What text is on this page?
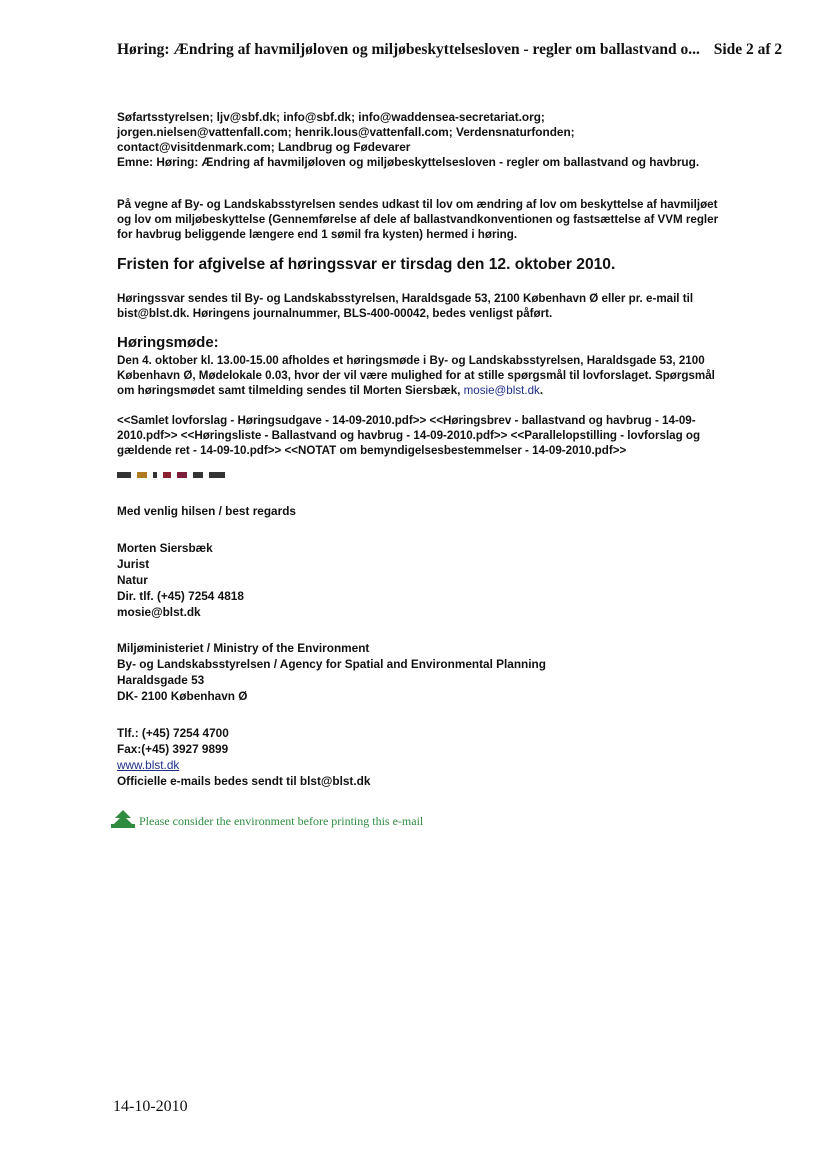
Høring: Ændring af havmiljøloven og miljøbeskyttelsesloven - regler om ballastvand o... Side 2 af 2
Søfartsstyrelsen; ljv@sbf.dk; info@sbf.dk; info@waddensea-secretariat.org; jorgen.nielsen@vattenfall.com; henrik.lous@vattenfall.com; Verdensnaturfonden; contact@visitdenmark.com; Landbrug og Fødevarer
Emne: Høring: Ændring af havmiljøloven og miljøbeskyttelsesloven - regler om ballastvand og havbrug.
På vegne af By- og Landskabsstyrelsen sendes udkast til lov om ændring af lov om beskyttelse af havmiljøet og lov om miljøbeskyttelse (Gennemførelse af dele af ballastvandkonventionen og fastsættelse af VVM regler for havbrug beliggende længere end 1 sømil fra kysten) hermed i høring.
Fristen for afgivelse af høringssvar er tirsdag den 12. oktober 2010.
Høringssvar sendes til By- og Landskabsstyrelsen, Haraldsgade 53, 2100 København Ø eller pr. e-mail til bist@blst.dk. Høringens journalnummer, BLS-400-00042, bedes venligst påført.
Høringsmøde:
Den 4. oktober kl. 13.00-15.00 afholdes et høringsmøde i By- og Landskabsstyrelsen, Haraldsgade 53, 2100 København Ø, Mødelokale 0.03, hvor der vil være mulighed for at stille spørgsmål til lovforslaget. Spørgsmål om høringsmødet samt tilmelding sendes til Morten Siersbæk, mosie@blst.dk.
<<Samlet lovforslag - Høringsudgave - 14-09-2010.pdf>> <<Høringsbrev - ballastvand og havbrug - 14-09-2010.pdf>> <<Høringsliste - Ballastvand og havbrug - 14-09-2010.pdf>> <<Parallelopstilling - lovforslag og gældende ret - 14-09-10.pdf>> <<NOTAT om bemyndigelsesbestemmelser - 14-09-2010.pdf>>
Med venlig hilsen / best regards
Morten Siersbæk
Jurist
Natur
Dir. tlf. (+45) 7254 4818
mosie@blst.dk
Miljøministeriet / Ministry of the Environment
By- og Landskabsstyrelsen / Agency for Spatial and Environmental Planning
Haraldsgade 53
DK- 2100 København Ø
Tlf.: (+45) 7254 4700
Fax:(+45) 3927 9899
www.blst.dk
Officielle e-mails bedes sendt til blst@blst.dk
Please consider the environment before printing this e-mail
14-10-2010
